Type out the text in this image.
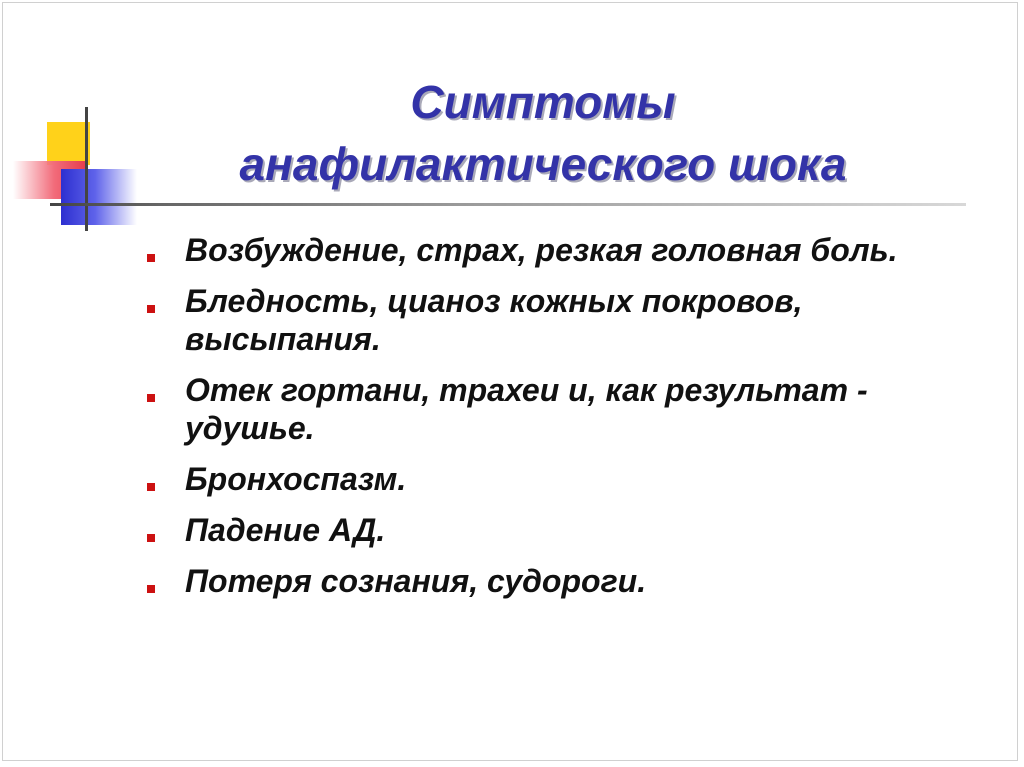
Симптомы
анафилактического шока
Возбуждение, страх, резкая головная боль.
Бледность, цианоз кожных покровов, высыпания.
Отек гортани, трахеи и, как результат - удушье.
Бронхоспазм.
Падение АД.
Потеря сознания, судороги.
